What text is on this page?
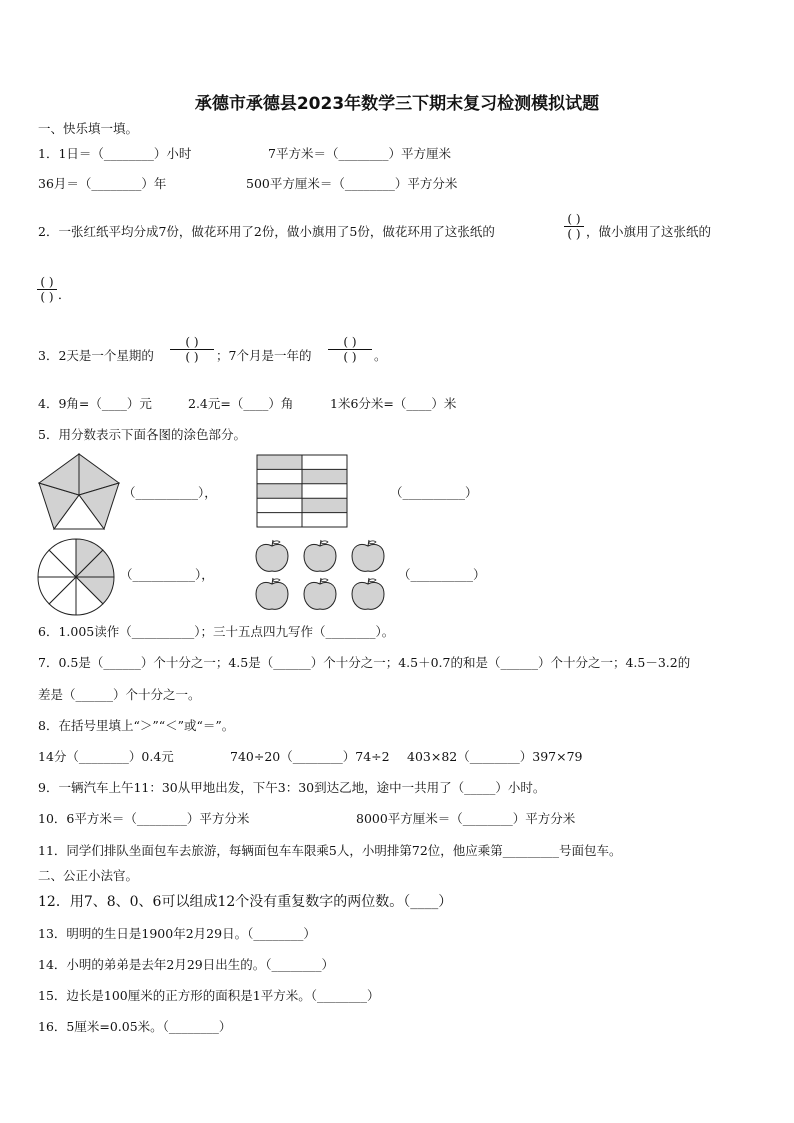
承德市承德县2023年数学三下期末复习检测模拟试题
一、快乐填一填。
1．1日＝（________）小时	7平方米＝（________）平方厘米
36月＝（________）年	500平方厘米＝（________）平方分米
2．一张红纸平均分成7份，做花环用了2份，做小旗用了5份，做花环用了这张纸的
( )
( ) ，做小旗用了这张纸的
( )
( ) ．
3．2天是一个星期的
( )
( )	；7个月是一年的
( )
( )	。
4．9角=（____）元	2.4元=（____）角	1米6分米=（____）米
5．用分数表示下面各图的涂色部分。
（__________），	（__________）
（__________），	（__________）
6．1.005读作（__________）；三十五点四九写作（________）。
7．0.5是（______）个十分之一；4.5是（______）个十分之一；4.5＋0.7的和是（______）个十分之一；4.5－3.2的
差是（______）个十分之一。
8．在括号里填上“＞”“＜”或“＝”。
14分（________）0.4元	740÷20（________）74÷2 403×82（________）397×79
9．一辆汽车上午11：30从甲地出发，下午3：30到达乙地，途中一共用了（_____）小时。
10．6平方米＝（________）平方分米	8000平方厘米＝（________）平方分米
11．同学们排队坐面包车去旅游，每辆面包车车限乘5人，小明排第72位，他应乘第_________号面包车。
二、公正小法官。
12．用7、8、0、6可以组成12个没有重复数字的两位数。（____）
13．明明的生日是1900年2月29日。（________）
14．小明的弟弟是去年2月29日出生的。（________）
15．边长是100厘米的正方形的面积是1平方米。（________）
16．5厘米=0.05米。（________）
